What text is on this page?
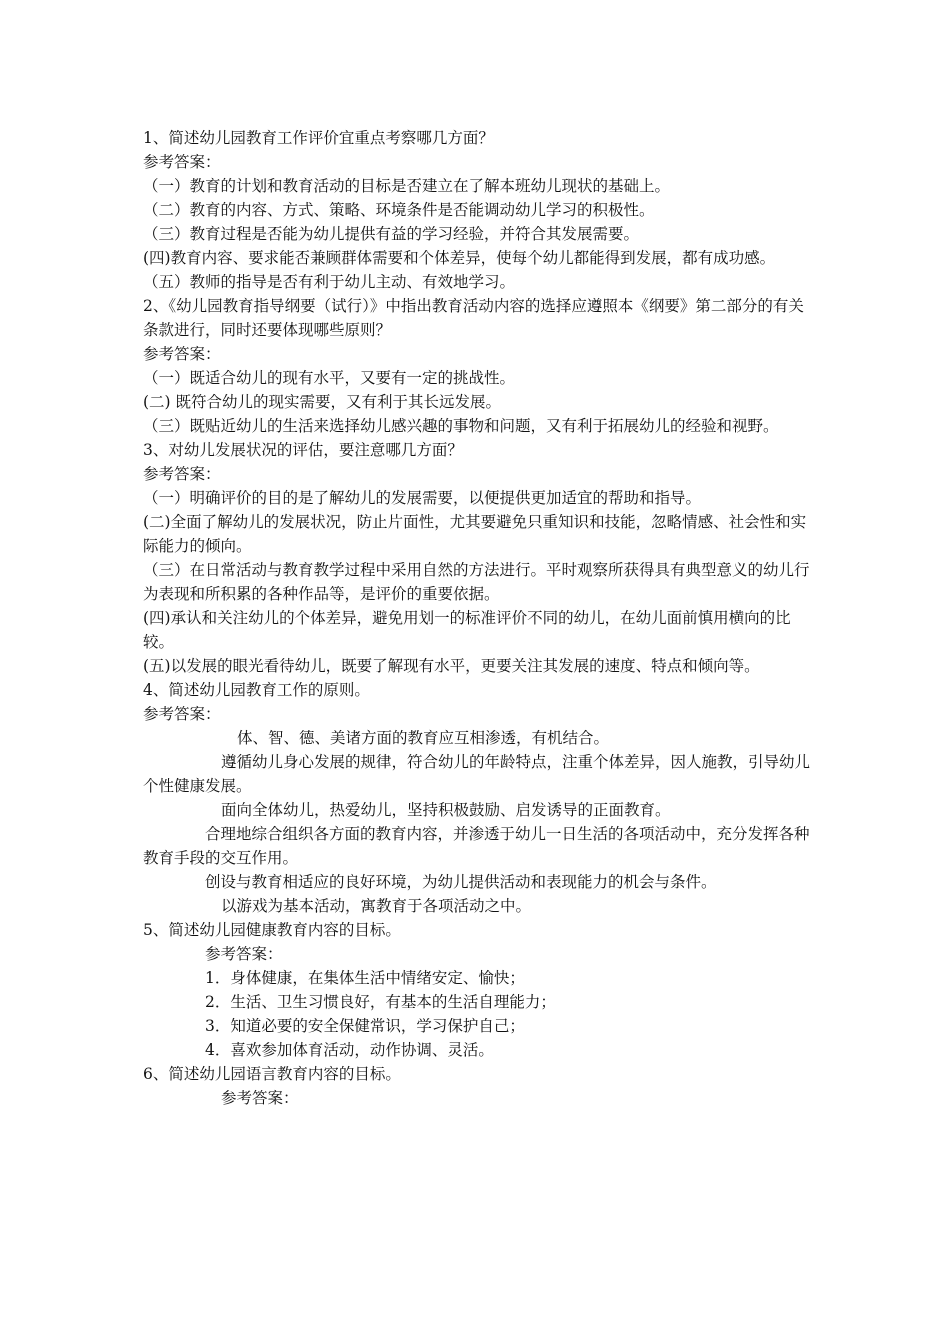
1、简述幼儿园教育工作评价宜重点考察哪几方面？

参考答案：

（一）教育的计划和教育活动的目标是否建立在了解本班幼儿现状的基础上。

（二）教育的内容、方式、策略、环境条件是否能调动幼儿学习的积极性。

（三）教育过程是否能为幼儿提供有益的学习经验，并符合其发展需要。

(四)教育内容、要求能否兼顾群体需要和个体差异，使每个幼儿都能得到发展，都有成功感。

（五）教师的指导是否有利于幼儿主动、有效地学习。

2、《幼儿园教育指导纲要（试行）》中指出教育活动内容的选择应遵照本《纲要》第二部分的有关条款进行，同时还要体现哪些原则？

参考答案：

（一）既适合幼儿的现有水平，又要有一定的挑战性。

(二) 既符合幼儿的现实需要，又有利于其长远发展。

（三）既贴近幼儿的生活来选择幼儿感兴趣的事物和问题，又有利于拓展幼儿的经验和视野。

3、对幼儿发展状况的评估，要注意哪几方面？

参考答案：

（一）明确评价的目的是了解幼儿的发展需要，以便提供更加适宜的帮助和指导。

(二)全面了解幼儿的发展状况，防止片面性，尤其要避免只重知识和技能，忽略情感、社会性和实际能力的倾向。

（三）在日常活动与教育教学过程中采用自然的方法进行。平时观察所获得具有典型意义的幼儿行为表现和所积累的各种作品等，是评价的重要依据。

(四)承认和关注幼儿的个体差异，避免用划一的标准评价不同的幼儿，在幼儿面前慎用横向的比较。

(五)以发展的眼光看待幼儿，既要了解现有水平，更要关注其发展的速度、特点和倾向等。

4、简述幼儿园教育工作的原则。

参考答案：

体、智、德、美诸方面的教育应互相渗透，有机结合。

遵循幼儿身心发展的规律，符合幼儿的年龄特点，注重个体差异，因人施教，引导幼儿个性健康发展。

面向全体幼儿，热爱幼儿，坚持积极鼓励、启发诱导的正面教育。

合理地综合组织各方面的教育内容，并渗透于幼儿一日生活的各项活动中，充分发挥各种教育手段的交互作用。

创设与教育相适应的良好环境，为幼儿提供活动和表现能力的机会与条件。

以游戏为基本活动，寓教育于各项活动之中。

5、简述幼儿园健康教育内容的目标。

参考答案：

1．身体健康，在集体生活中情绪安定、愉快；

2．生活、卫生习惯良好，有基本的生活自理能力；

3．知道必要的安全保健常识，学习保护自己；

4．喜欢参加体育活动，动作协调、灵活。

6、简述幼儿园语言教育内容的目标。

参考答案：
